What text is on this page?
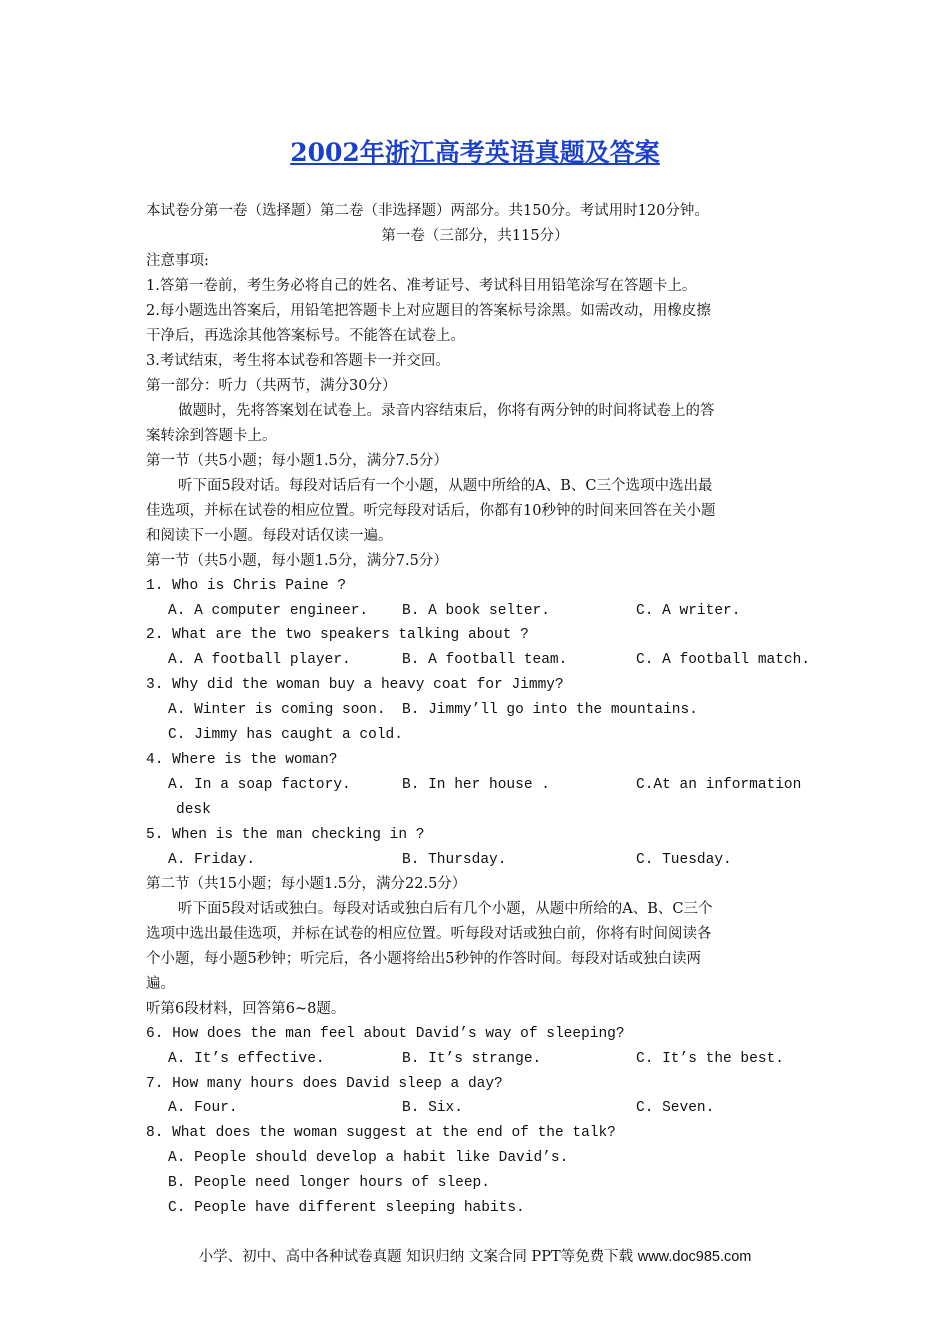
2002年浙江高考英语真题及答案
本试卷分第一卷（选择题）第二卷（非选择题）两部分。共150分。考试用时120分钟。
第一卷（三部分，共115分）
注意事项:
1.答第一卷前，考生务必将自己的姓名、准考证号、考试科目用铅笔涂写在答题卡上。
2.每小题选出答案后，用铅笔把答题卡上对应题目的答案标号涂黑。如需改动，用橡皮擦
干净后，再选涂其他答案标号。不能答在试卷上。
3.考试结束，考生将本试卷和答题卡一并交回。
第一部分：听力（共两节，满分30分）
做题时，先将答案划在试卷上。录音内容结束后，你将有两分钟的时间将试卷上的答
案转涂到答题卡上。
第一节（共5小题；每小题1.5分，满分7.5分）
听下面5段对话。每段对话后有一个小题，从题中所给的A、B、C三个选项中选出最
佳选项，并标在试卷的相应位置。听完每段对话后，你都有10秒钟的时间来回答在关小题
和阅读下一小题。每段对话仅读一遍。
第一节（共5小题，每小题1.5分，满分7.5分）
1. Who is Chris Paine ?
A. A computer engineer. B. A book selter.	C. A writer.
2. What are the two speakers talking about ?
A. A football player.	B. A football team.	C. A football match.
3. Why did the woman buy a heavy coat for Jimmy?
A. Winter is coming soon. B. Jimmy’ll go into the mountains.
C. Jimmy has caught a cold.
4. Where is the woman?
A. In a soap factory.	B. In her house .	C.At an information
desk
5. When is the man checking in ?
A. Friday.	B. Thursday.	C. Tuesday.
第二节（共15小题；每小题1.5分，满分22.5分）
听下面5段对话或独白。每段对话或独白后有几个小题，从题中所给的A、B、C三个
选项中选出最佳选项，并标在试卷的相应位置。听每段对话或独白前，你将有时间阅读各
个小题，每小题5秒钟；听完后，各小题将给出5秒钟的作答时间。每段对话或独白读两
遍。
听第6段材料，回答第6~8题。
6. How does the man feel about David’s way of sleeping?
A. It’s effective.	B. It’s strange.	C. It’s the best.
7. How many hours does David sleep a day?
A. Four.	B. Six.	C. Seven.
8. What does the woman suggest at the end of the talk?
A. People should develop a habit like David’s.
B. People need longer hours of sleep.
C. People have different sleeping habits.
小学、初中、高中各种试卷真题 知识归纳 文案合同 PPT等免费下载 www.doc985.com
